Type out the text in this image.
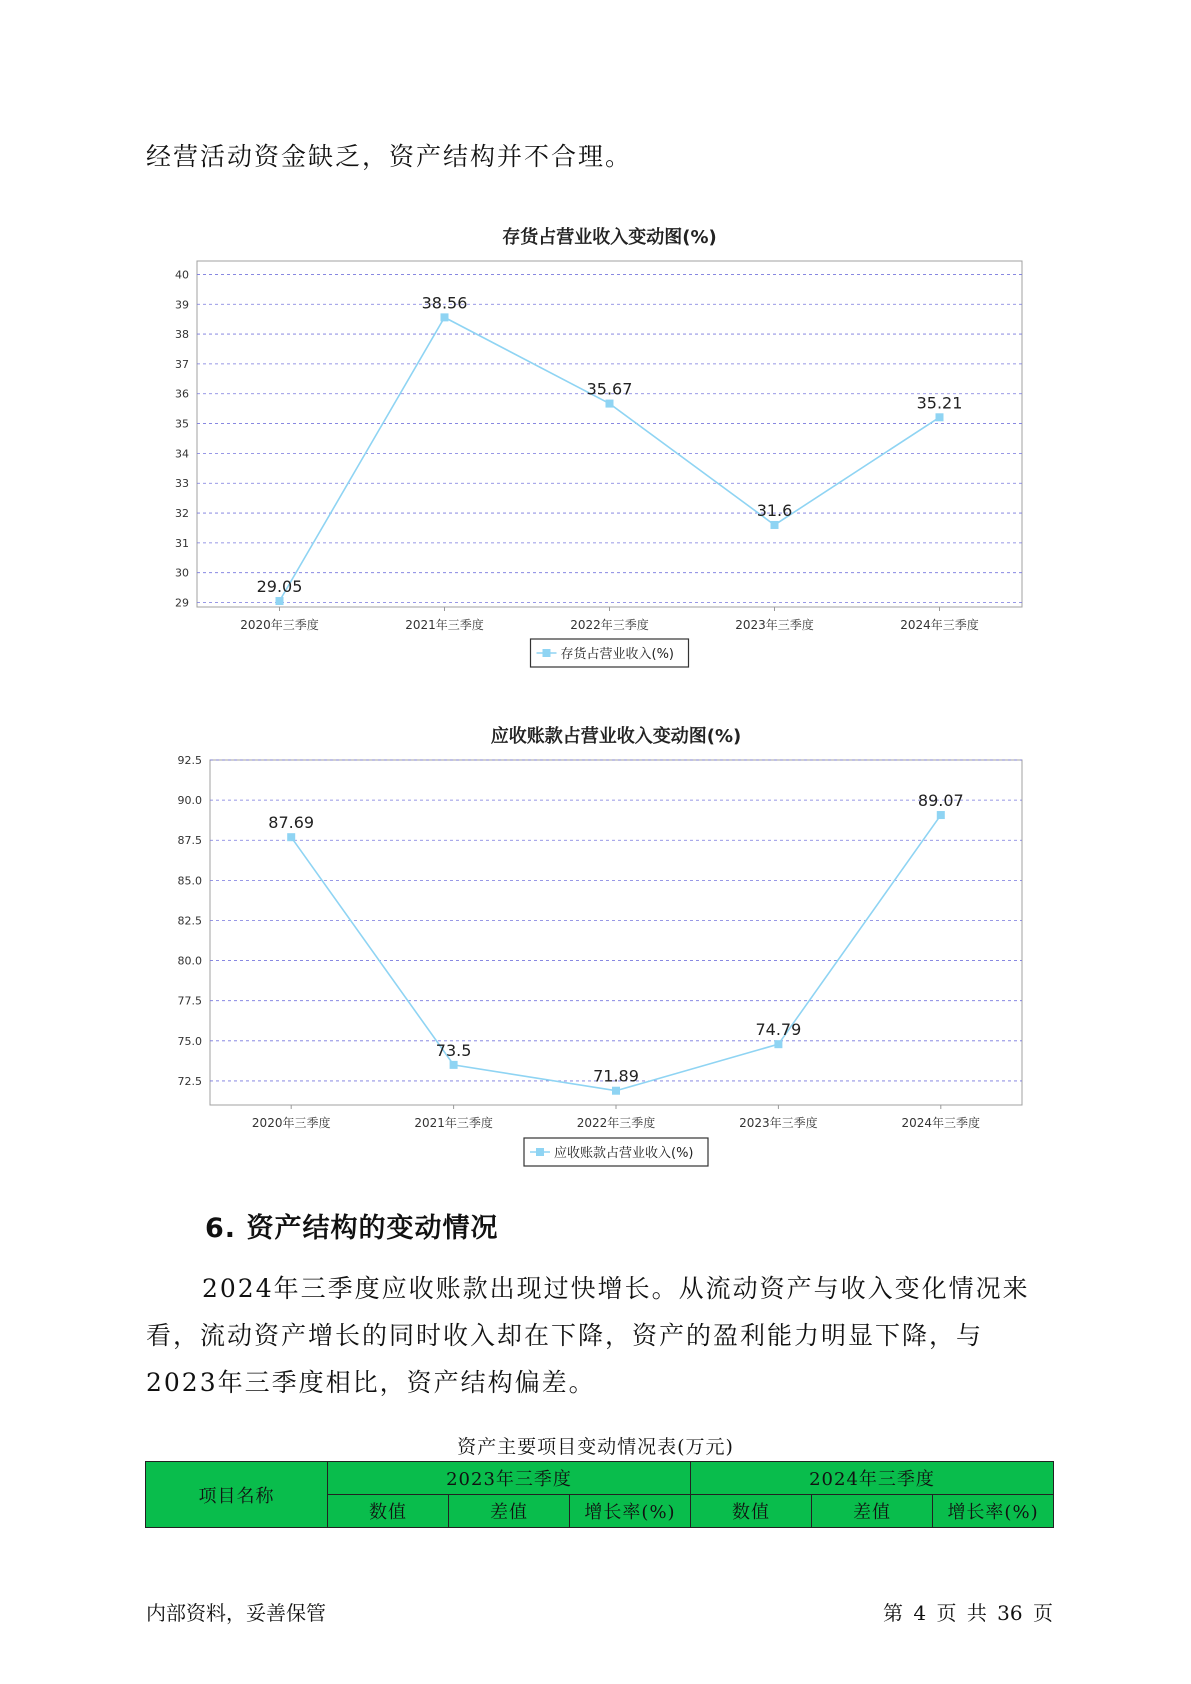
经营活动资金缺乏，资产结构并不合理。

存货占营业收入变动图(%)
29
30
31
32
33
34
35
36
37
38
39
40
2020年三季度	2021年三季度	2022年三季度	2023年三季度	2024年三季度
29.05
38.56
35.67
31.6
35.21
存货占营业收入(%)
应收账款占营业收入变动图(%)
72.5
75.0
77.5
80.0
82.5
85.0
87.5
90.0
92.5
2020年三季度	2021年三季度	2022年三季度	2023年三季度	2024年三季度
87.69
73.5
71.89
74.79
89.07
应收账款占营业收入(%)
6. 资产结构的变动情况

2024年三季度应收账款出现过快增长。从流动资产与收入变化情况来看，流动资产增长的同时收入却在下降，资产的盈利能力明显下降，与2023年三季度相比，资产结构偏差。

资产主要项目变动情况表(万元)
项目名称	2023年三季度			2024年三季度		
	数值	差值	增长率(%)	数值	差值	增长率(%)
内部资料，妥善保管	第 4 页 共 36 页
